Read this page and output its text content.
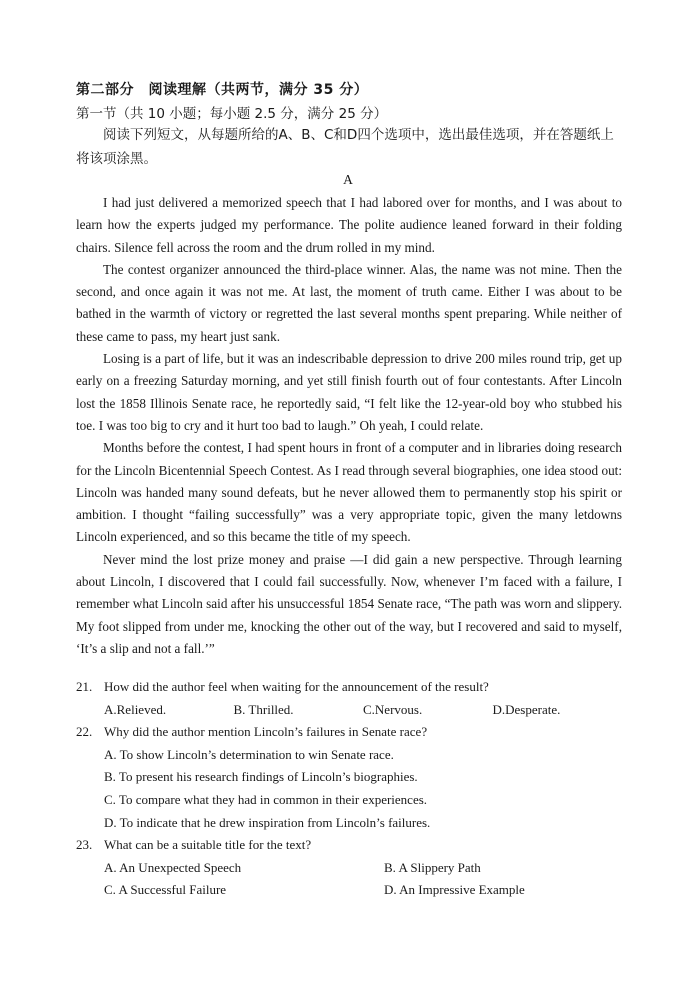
第二部分　阅读理解（共两节，满分 35 分）
第一节（共 10 小题；每小题 2.5 分，满分 25 分）
阅读下列短文，从每题所给的A、B、C和D四个选项中，选出最佳选项，并在答题纸上将该项涂黑。
A

I had just delivered a memorized speech that I had labored over for months, and I was about to learn how the experts judged my performance. The polite audience leaned forward in their folding chairs. Silence fell across the room and the drum rolled in my mind.

The contest organizer announced the third-place winner. Alas, the name was not mine. Then the second, and once again it was not me. At last, the moment of truth came. Either I was about to be bathed in the warmth of victory or regretted the last several months spent preparing. While neither of these came to pass, my heart just sank.

Losing is a part of life, but it was an indescribable depression to drive 200 miles round trip, get up early on a freezing Saturday morning, and yet still finish fourth out of four contestants. After Lincoln lost the 1858 Illinois Senate race, he reportedly said, “I felt like the 12-year-old boy who stubbed his toe. I was too big to cry and it hurt too bad to laugh.” Oh yeah, I could relate.

Months before the contest, I had spent hours in front of a computer and in libraries doing research for the Lincoln Bicentennial Speech Contest. As I read through several biographies, one idea stood out: Lincoln was handed many sound defeats, but he never allowed them to permanently stop his spirit or ambition. I thought “failing successfully” was a very appropriate topic, given the many letdowns Lincoln experienced, and so this became the title of my speech.

Never mind the lost prize money and praise —I did gain a new perspective. Through learning about Lincoln, I discovered that I could fail successfully. Now, whenever I’m faced with a failure, I remember what Lincoln said after his unsuccessful 1854 Senate race, “The path was worn and slippery. My foot slipped from under me, knocking the other out of the way, but I recovered and said to myself, ‘It’s a slip and not a fall.’”

21. How did the author feel when waiting for the announcement of the result?
A.Relieved.	B. Thrilled.	C.Nervous.	D.Desperate.
22. Why did the author mention Lincoln’s failures in Senate race?
A. To show Lincoln’s determination to win Senate race.
B. To present his research findings of Lincoln’s biographies.
C. To compare what they had in common in their experiences.
D. To indicate that he drew inspiration from Lincoln’s failures.
23. What can be a suitable title for the text?
A. An Unexpected Speech	B. A Slippery Path
C. A Successful Failure	D. An Impressive Example
